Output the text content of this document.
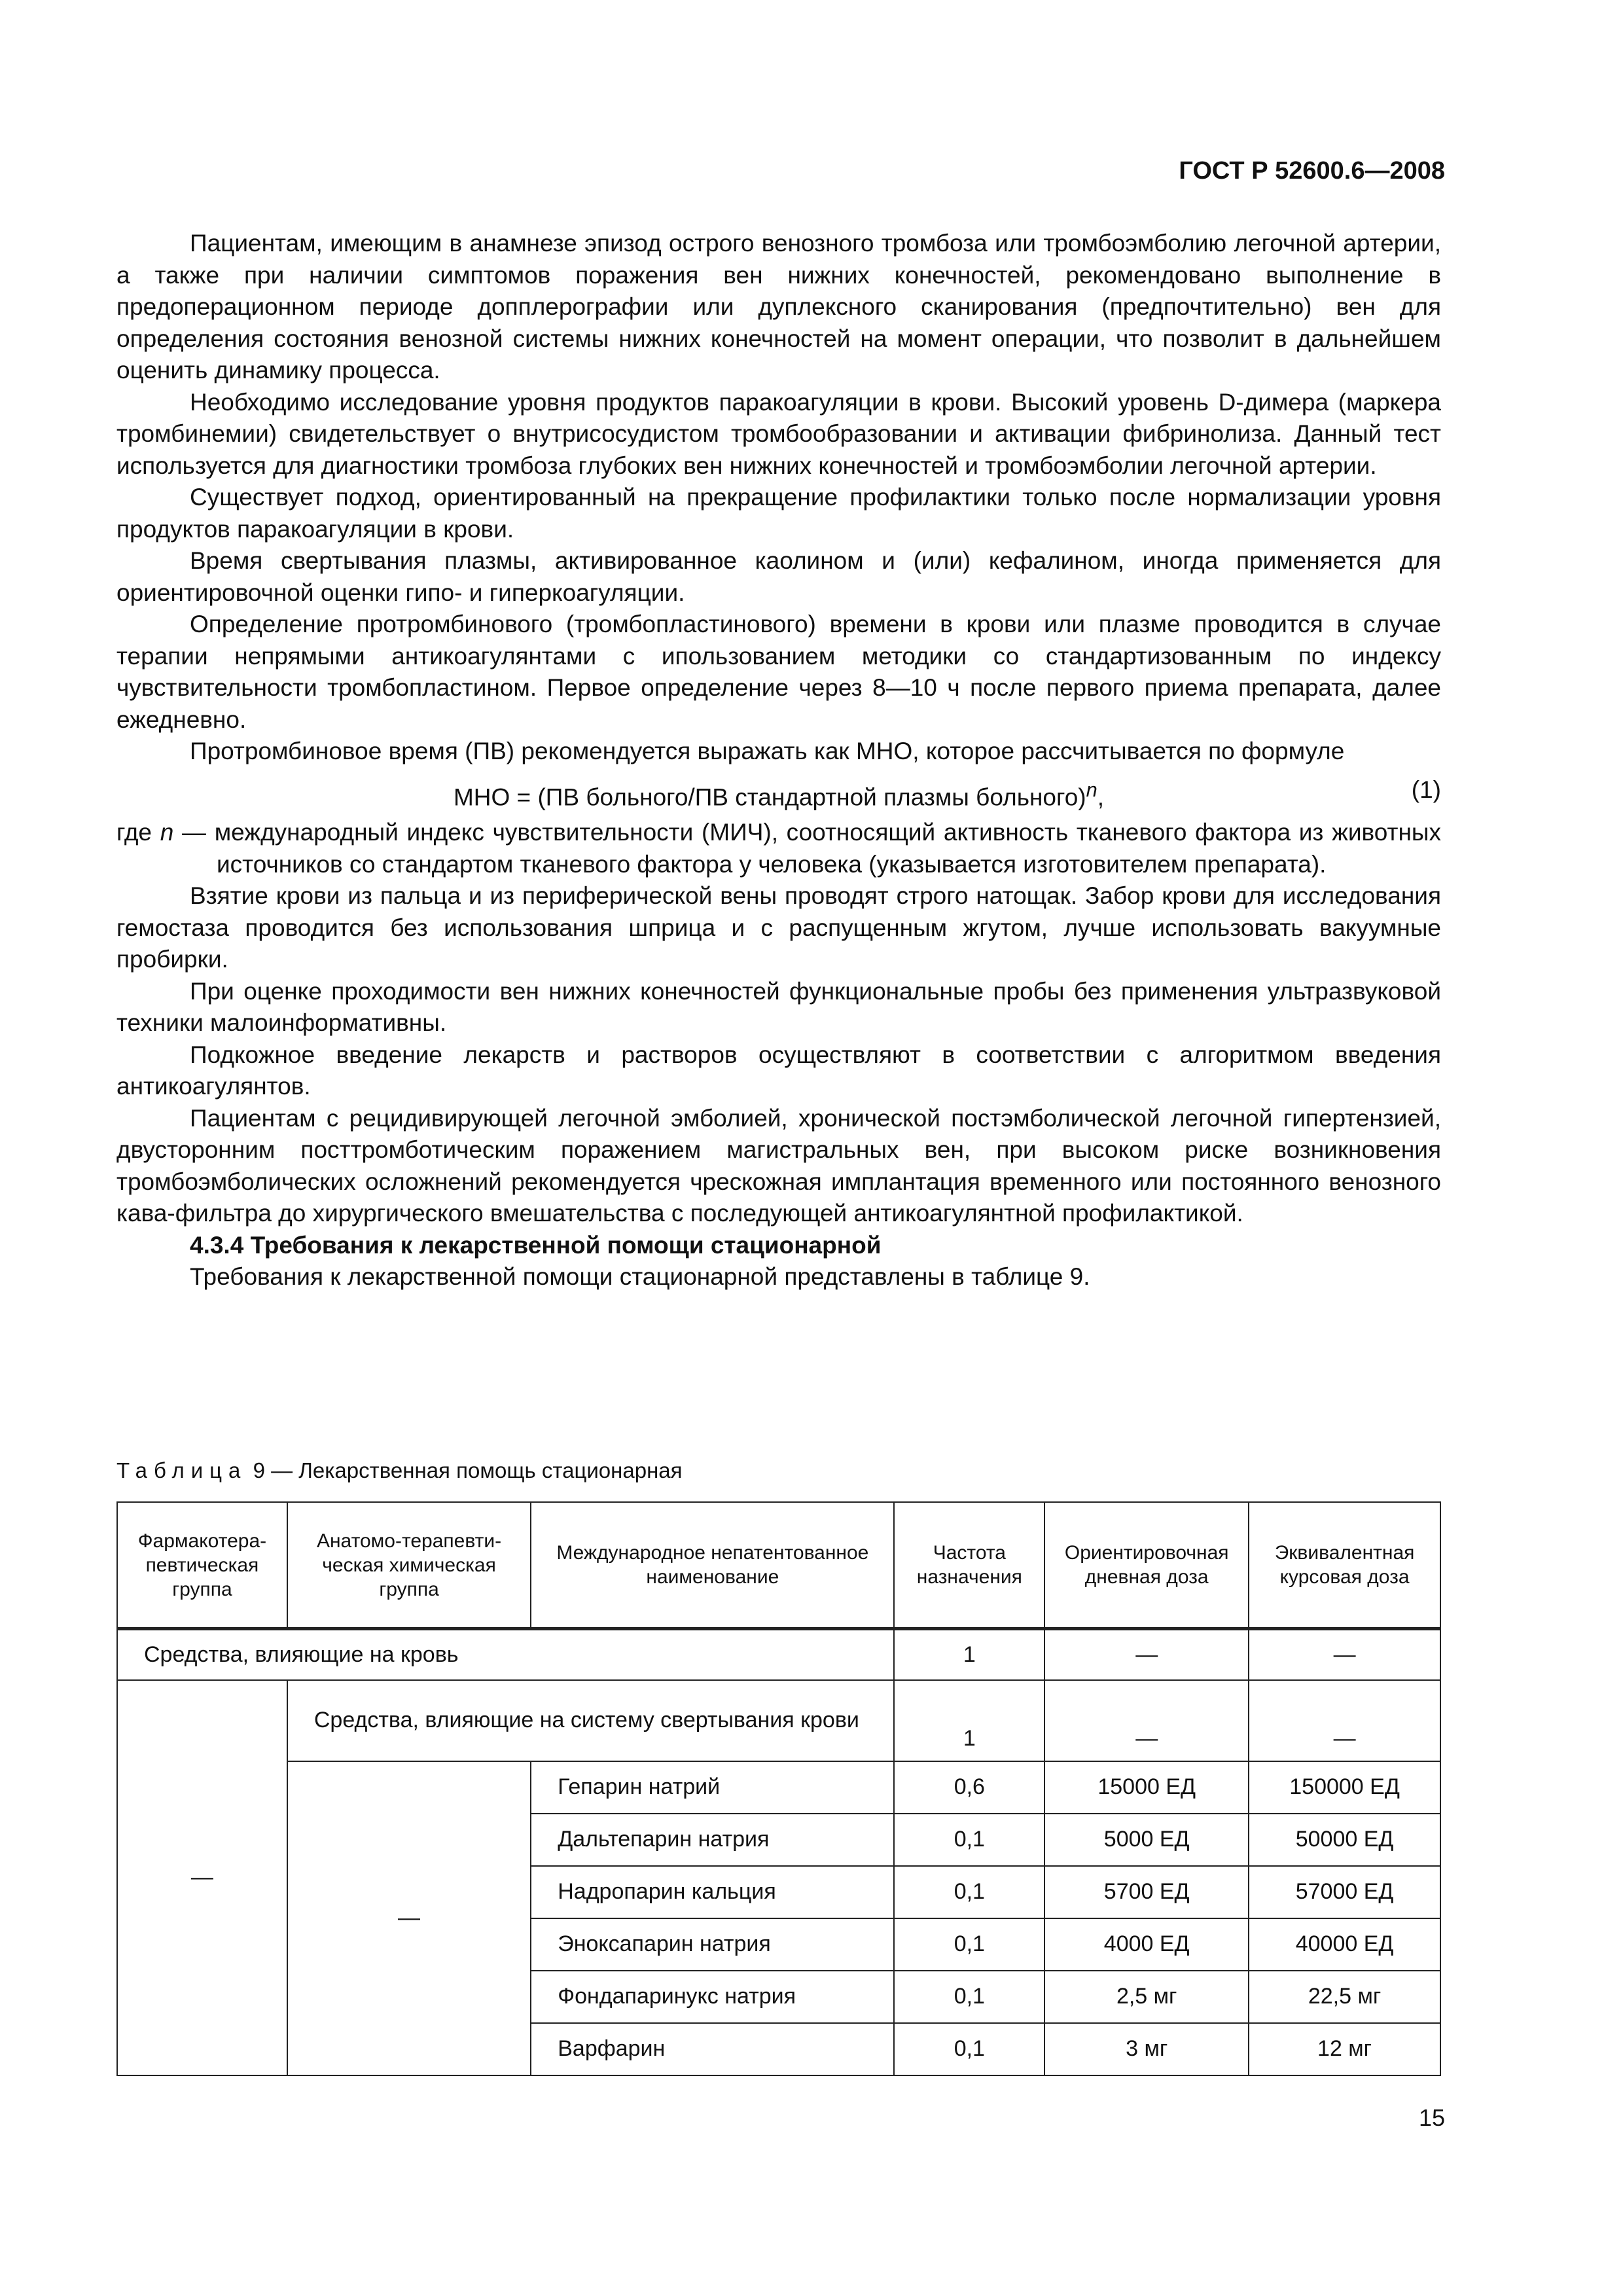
ГОСТ Р 52600.6—2008

Пациентам, имеющим в анамнезе эпизод острого венозного тромбоза или тромбоэмболию легочной артерии, а также при наличии симптомов поражения вен нижних конечностей, рекомендовано выполнение в предоперационном периоде допплерографии или дуплексного сканирования (предпочтительно) вен для определения состояния венозной системы нижних конечностей на момент операции, что позволит в дальнейшем оценить динамику процесса.

Необходимо исследование уровня продуктов паракоагуляции в крови. Высокий уровень D-димера (маркера тромбинемии) свидетельствует о внутрисосудистом тромбообразовании и активации фибринолиза. Данный тест используется для диагностики тромбоза глубоких вен нижних конечностей и тромбоэмболии легочной артерии.

Существует подход, ориентированный на прекращение профилактики только после нормализации уровня продуктов паракоагуляции в крови.

Время свертывания плазмы, активированное каолином и (или) кефалином, иногда применяется для ориентировочной оценки гипо- и гиперкоагуляции.

Определение протромбинового (тромбопластинового) времени в крови или плазме проводится в случае терапии непрямыми антикоагулянтами с ипользованием методики со стандартизованным по индексу чувствительности тромбопластином. Первое определение через 8—10 ч после первого приема препарата, далее ежедневно.

Протромбиновое время (ПВ) рекомендуется выражать как МНО, которое рассчитывается по формуле

МНО = (ПВ больного/ПВ стандартной плазмы больного)$^n$,	(1)

где n — международный индекс чувствительности (МИЧ), соотносящий активность тканевого фактора из животных источников со стандартом тканевого фактора у человека (указывается изготовителем препарата).

Взятие крови из пальца и из периферической вены проводят строго натощак. Забор крови для исследования гемостаза проводится без использования шприца и с распущенным жгутом, лучше использовать вакуумные пробирки.

При оценке проходимости вен нижних конечностей функциональные пробы без применения ультразвуковой техники малоинформативны.

Подкожное введение лекарств и растворов осуществляют в соответствии с алгоритмом введения антикоагулянтов.

Пациентам с рецидивирующей легочной эмболией, хронической постэмболической легочной гипертензией, двусторонним посттромботическим поражением магистральных вен, при высоком риске возникновения тромбоэмболических осложнений рекомендуется чрескожная имплантация временного или постоянного венозного кава-фильтра до хирургического вмешательства с последующей антикоагулянтной профилактикой.

4.3.4 Требования к лекарственной помощи стационарной

Требования к лекарственной помощи стационарной представлены в таблице 9.

Таблица 9 — Лекарственная помощь стационарная
Фармакотера-певтическая группа	Анатомо-терапевти-ческая химическая группа	Международное непатентованное наименование	Частота назначения	Ориентировочная дневная доза	Эквивалентная курсовая доза
Средства, влияющие на кровь			1	—	—
—	Средства, влияющие на систему свертывания крови		1	—	—
	—	Гепарин натрий	0,6	15000 ЕД	150000 ЕД
		Дальтепарин натрия	0,1	5000 ЕД	50000 ЕД
		Надропарин кальция	0,1	5700 ЕД	57000 ЕД
		Эноксапарин натрия	0,1	4000 ЕД	40000 ЕД
		Фондапаринукс натрия	0,1	2,5 мг	22,5 мг
		Варфарин	0,1	3 мг	12 мг
15
